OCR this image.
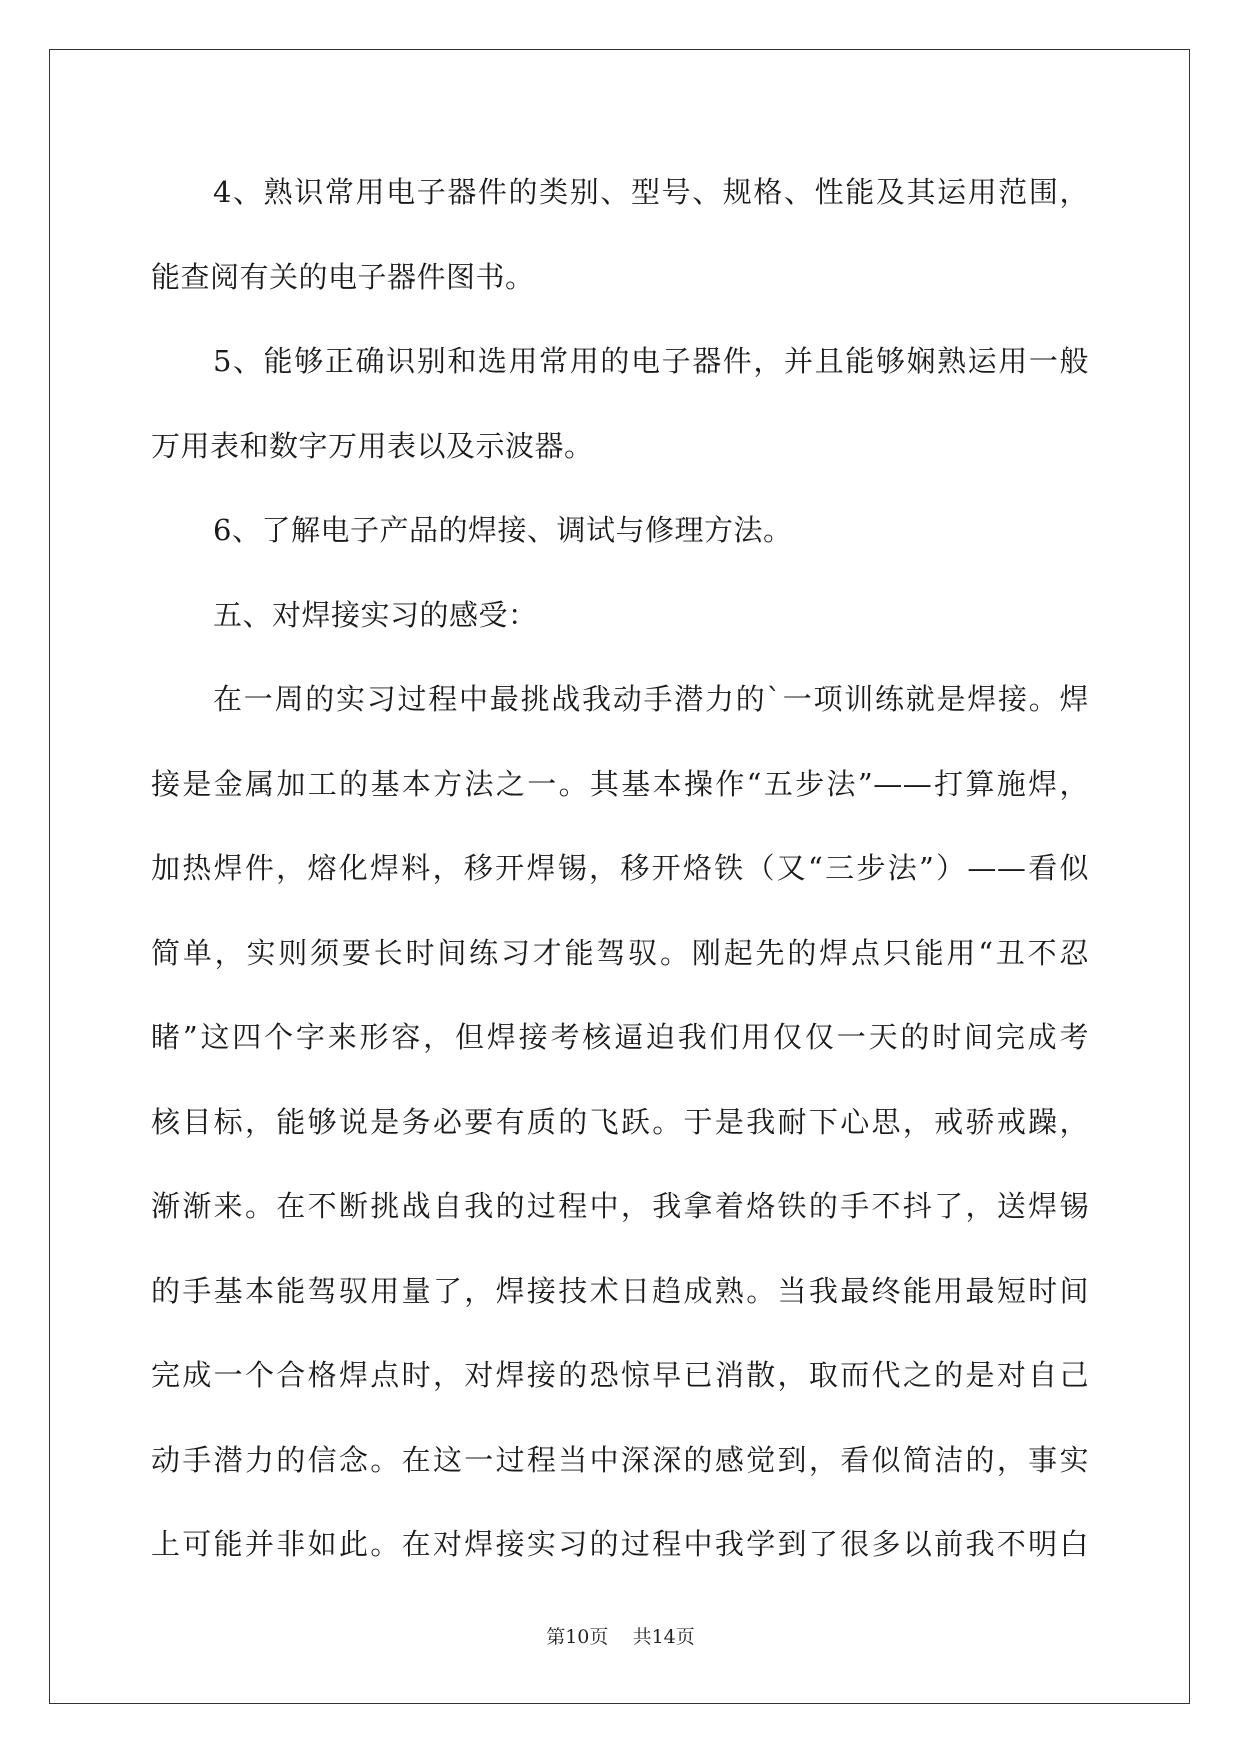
4、熟识常用电子器件的类别、型号、规格、性能及其运用范围，
能查阅有关的电子器件图书。
5、能够正确识别和选用常用的电子器件，并且能够娴熟运用一般
万用表和数字万用表以及示波器。
6、了解电子产品的焊接、调试与修理方法。
五、对焊接实习的感受：
在一周的实习过程中最挑战我动手潜力的`一项训练就是焊接。焊
接是金属加工的基本方法之一。其基本操作“五步法”——打算施焊，
加热焊件，熔化焊料，移开焊锡，移开烙铁（又“三步法”）——看似
简单，实则须要长时间练习才能驾驭。刚起先的焊点只能用“丑不忍
睹”这四个字来形容，但焊接考核逼迫我们用仅仅一天的时间完成考
核目标，能够说是务必要有质的飞跃。于是我耐下心思，戒骄戒躁，
渐渐来。在不断挑战自我的过程中，我拿着烙铁的手不抖了，送焊锡
的手基本能驾驭用量了，焊接技术日趋成熟。当我最终能用最短时间
完成一个合格焊点时，对焊接的恐惊早已消散，取而代之的是对自己
动手潜力的信念。在这一过程当中深深的感觉到，看似简洁的，事实
上可能并非如此。在对焊接实习的过程中我学到了很多以前我不明白
第10页 共14页
